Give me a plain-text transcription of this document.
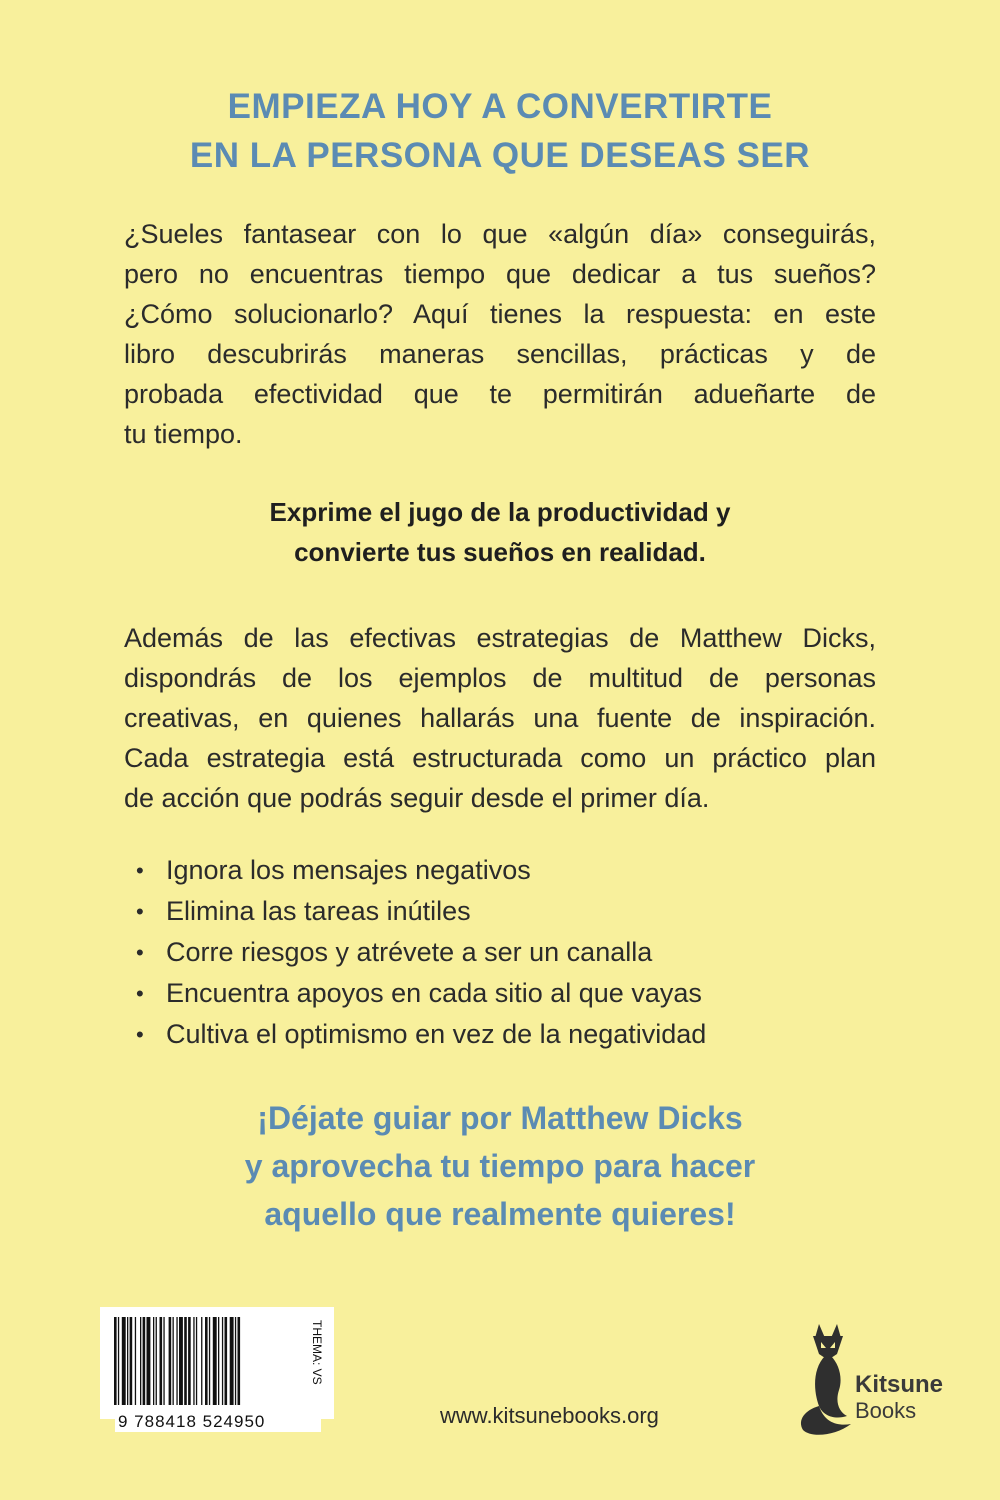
EMPIEZA HOY A CONVERTIRTE
EN LA PERSONA QUE DESEAS SER
¿Sueles fantasear con lo que «algún día» conseguirás,
pero no encuentras tiempo que dedicar a tus sueños?
¿Cómo solucionarlo? Aquí tienes la respuesta: en este
libro descubrirás maneras sencillas, prácticas y de
probada efectividad que te permitirán adueñarte de
tu tiempo.
Exprime el jugo de la productividad y
convierte tus sueños en realidad.
Además de las efectivas estrategias de Matthew Dicks,
dispondrás de los ejemplos de multitud de personas
creativas, en quienes hallarás una fuente de inspiración.
Cada estrategia está estructurada como un práctico plan
de acción que podrás seguir desde el primer día.
• Ignora los mensajes negativos
• Elimina las tareas inútiles
• Corre riesgos y atrévete a ser un canalla
• Encuentra apoyos en cada sitio al que vayas
• Cultiva el optimismo en vez de la negatividad
¡Déjate guiar por Matthew Dicks
y aprovecha tu tiempo para hacer
aquello que realmente quieres!
9 788418 524950
THEMA: VS
www.kitsunebooks.org
Kitsune
Books
